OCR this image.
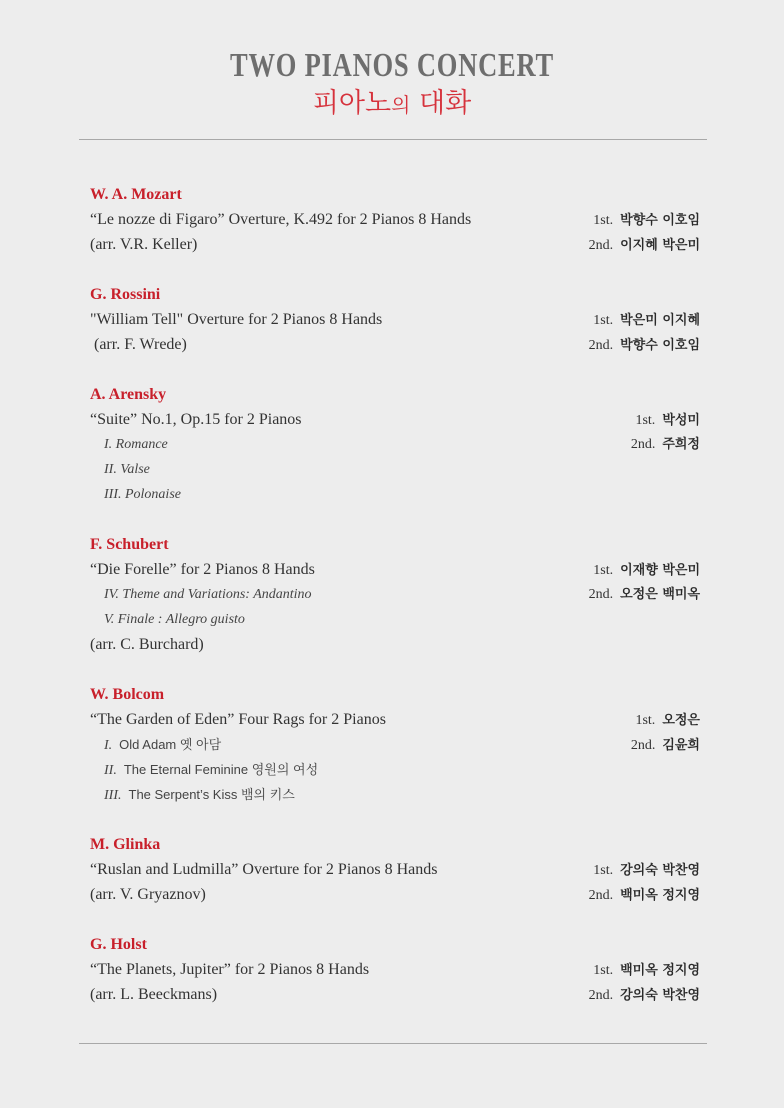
TWO PIANOS CONCERT
피아노의 대화
W. A. Mozart
“Le nozze di Figaro” Overture, K.492 for 2 Pianos 8 Hands	1st. 박향수 이호임
(arr. V.R. Keller)	2nd. 이지혜 박은미
G. Rossini
"William Tell" Overture for 2 Pianos 8 Hands	1st. 박은미 이지혜
(arr. F. Wrede)	2nd. 박향수 이호임
A. Arensky
“Suite” No.1, Op.15 for 2 Pianos	1st. 박성미
I. Romance	2nd. 주희정
II. Valse
III. Polonaise
F. Schubert
“Die Forelle” for 2 Pianos 8 Hands	1st. 이재향 박은미
IV. Theme and Variations: Andantino	2nd. 오정은 백미옥
V. Finale : Allegro guisto
(arr. C. Burchard)
W. Bolcom
“The Garden of Eden” Four Rags for 2 Pianos	1st. 오정은
I. Old Adam 옛 아담	2nd. 김윤희
II. The Eternal Feminine 영원의 여성
III. The Serpent’s Kiss 뱀의 키스
M. Glinka
“Ruslan and Ludmilla” Overture for 2 Pianos 8 Hands	1st. 강의숙 박찬영
(arr. V. Gryaznov)	2nd. 백미옥 정지영
G. Holst
“The Planets, Jupiter” for 2 Pianos 8 Hands	1st. 백미옥 정지영
(arr. L. Beeckmans)	2nd. 강의숙 박찬영
